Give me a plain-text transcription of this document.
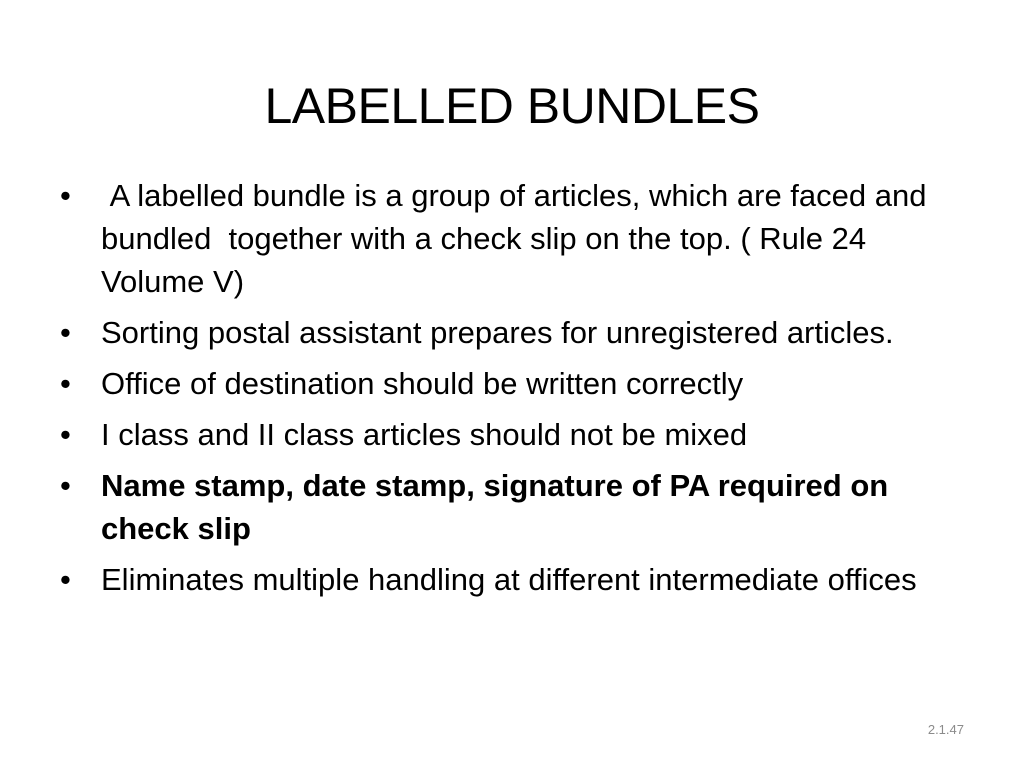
LABELLED BUNDLES
• A labelled bundle is a group of articles, which are faced and bundled  together with a check slip on the top. ( Rule 24 Volume V)
• Sorting postal assistant prepares for unregistered articles.
• Office of destination should be written correctly
• I class and II class articles should not be mixed
• Name stamp, date stamp, signature of PA required on check slip
• Eliminates multiple handling at different intermediate offices
2.1.47
